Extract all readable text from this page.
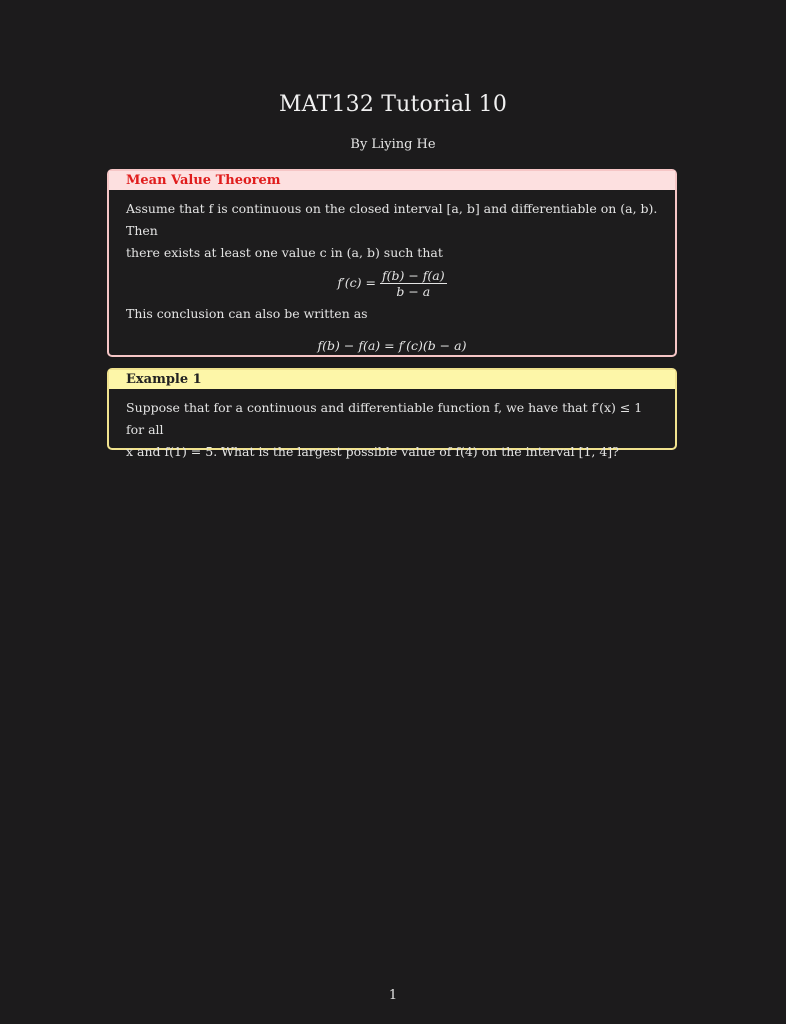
MAT132 Tutorial 10
By Liying He
Mean Value Theorem
Assume that f is continuous on the closed interval [a, b] and differentiable on (a, b). Then
there exists at least one value c in (a, b) such that
$f'(c) = \frac{f(b) - f(a)}{b - a}$
This conclusion can also be written as
f(b) − f(a) = f′(c)(b − a)
Example 1
Suppose that for a continuous and differentiable function f, we have that f′(x) ≤ 1 for all
x and f(1) = 5. What is the largest possible value of f(4) on the interval [1, 4]?
1
